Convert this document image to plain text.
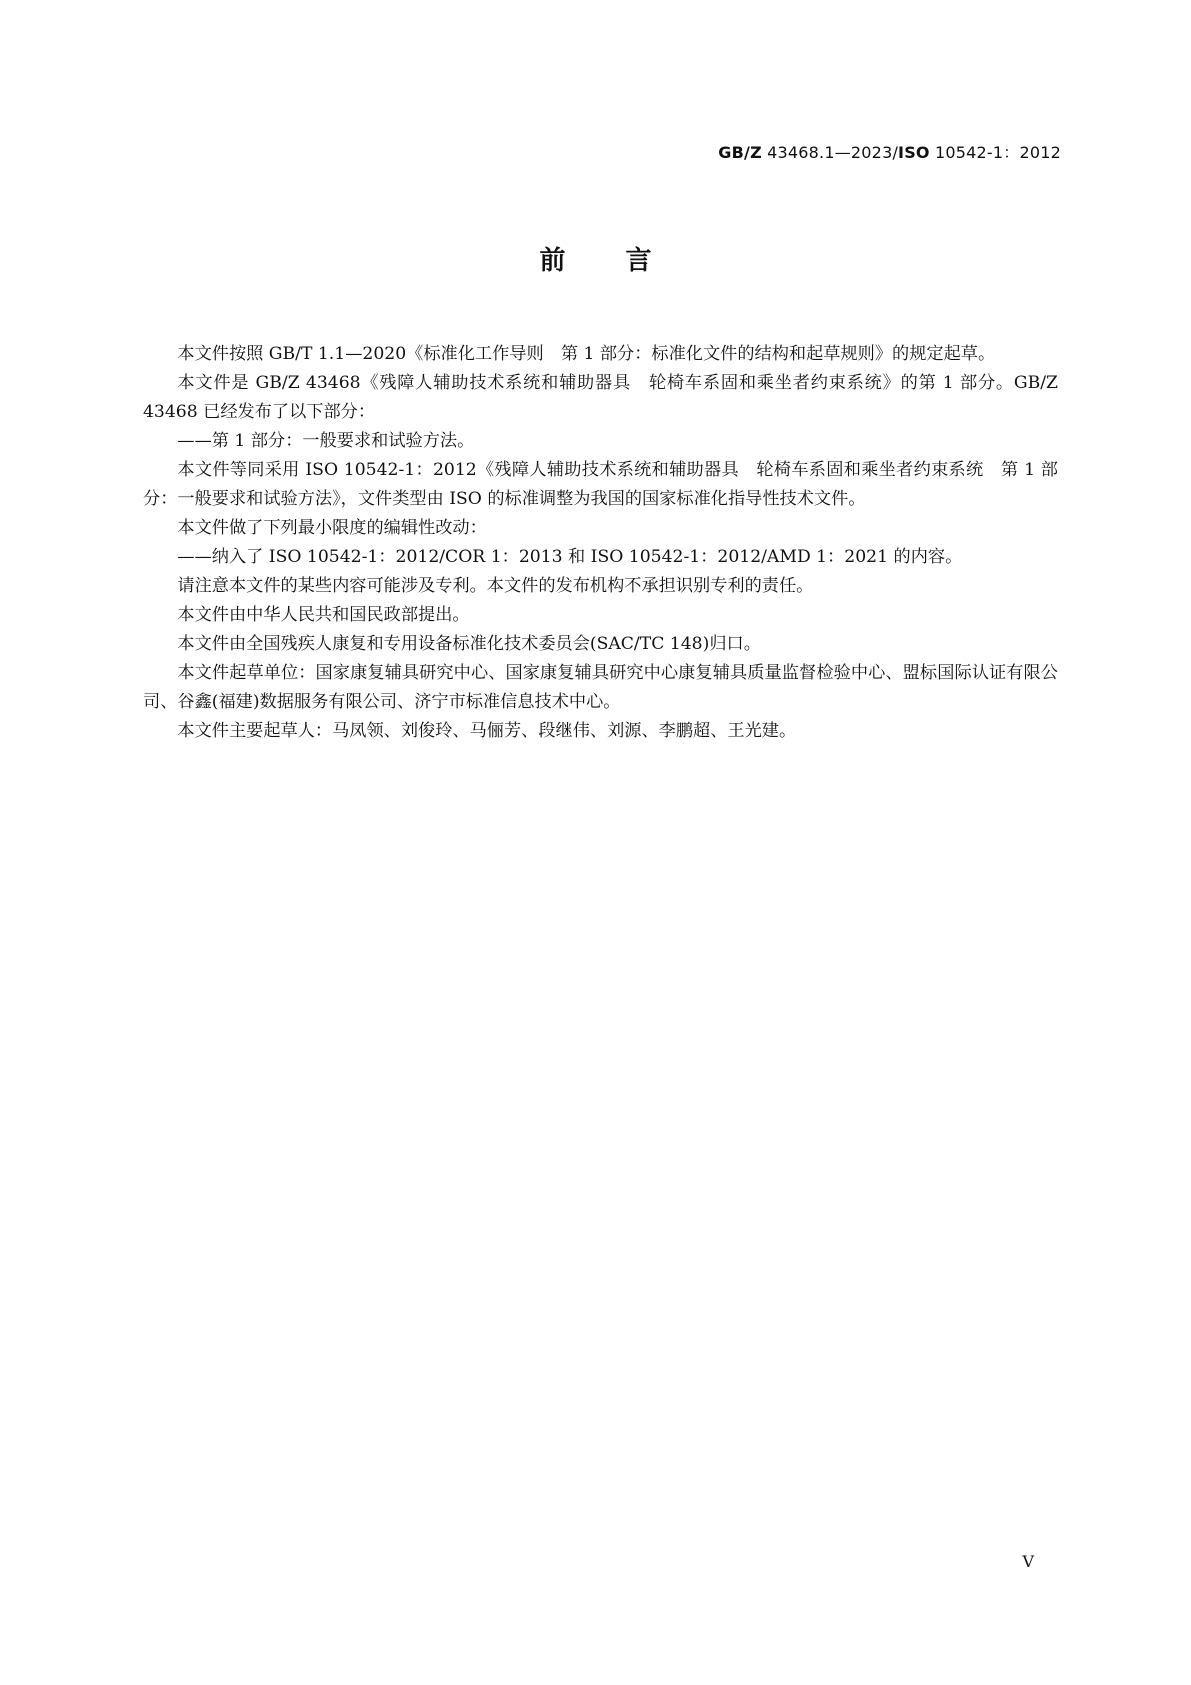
GB/Z 43468.1—2023/ISO 10542-1：2012
前言

本文件按照 GB/T 1.1—2020《标准化工作导则　第 1 部分：标准化文件的结构和起草规则》的规定起草。

本文件是 GB/Z 43468《残障人辅助技术系统和辅助器具　轮椅车系固和乘坐者约束系统》的第 1 部分。GB/Z 43468 已经发布了以下部分：

——第 1 部分：一般要求和试验方法。

本文件等同采用 ISO 10542-1：2012《残障人辅助技术系统和辅助器具　轮椅车系固和乘坐者约束系统　第 1 部分：一般要求和试验方法》，文件类型由 ISO 的标准调整为我国的国家标准化指导性技术文件。

本文件做了下列最小限度的编辑性改动：

——纳入了 ISO 10542-1：2012/COR 1：2013 和 ISO 10542-1：2012/AMD 1：2021 的内容。

请注意本文件的某些内容可能涉及专利。本文件的发布机构不承担识别专利的责任。

本文件由中华人民共和国民政部提出。

本文件由全国残疾人康复和专用设备标准化技术委员会(SAC/TC 148)归口。

本文件起草单位：国家康复辅具研究中心、国家康复辅具研究中心康复辅具质量监督检验中心、盟标国际认证有限公司、谷鑫(福建)数据服务有限公司、济宁市标准信息技术中心。

本文件主要起草人：马凤领、刘俊玲、马俪芳、段继伟、刘源、李鹏超、王光建。

V
